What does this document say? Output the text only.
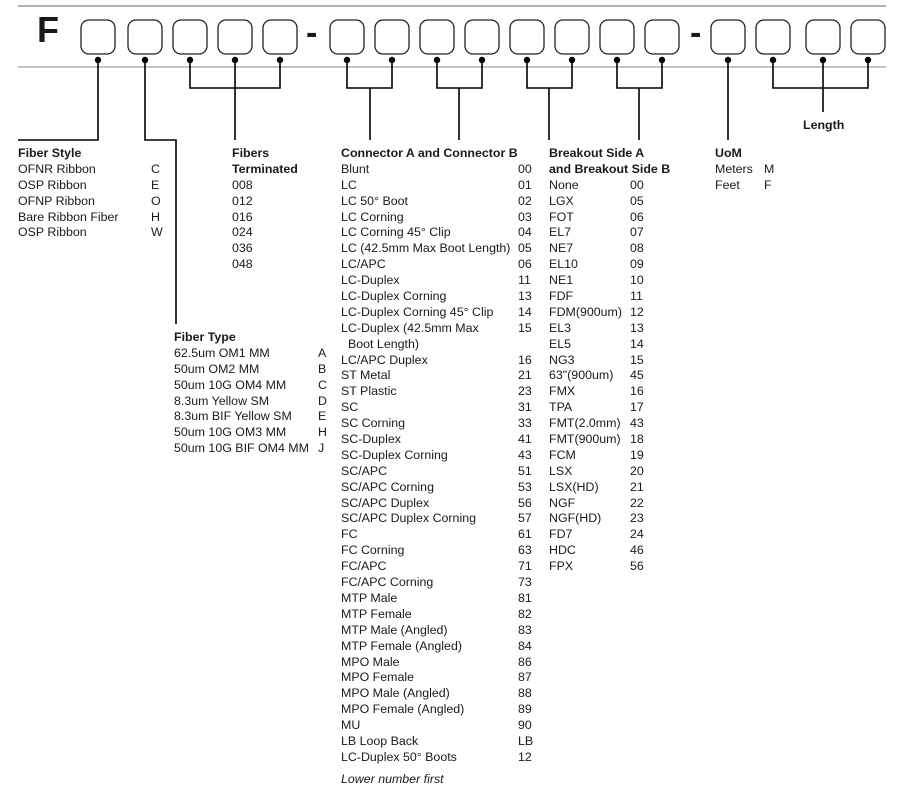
F	-	-
Fiber Style
OFNR Ribbon	C
OSP Ribbon	E
OFNP Ribbon	O
Bare Ribbon Fiber	H
OSP Ribbon	W
Fibers
Terminated
008
012
016
024
036
048
Fiber Type
62.5um OM1 MM	A
50um OM2 MM	B
50um 10G OM4 MM	C
8.3um Yellow SM	D
8.3um BIF Yellow SM E
50um 10G OM3 MM	H
50um 10G BIF OM4 MM J
Connector A and Connector B
Blunt	00
LC	01
LC 50° Boot	02
LC Corning	03
LC Corning 45° Clip	04
LC (42.5mm Max Boot Length) 05
LC/APC	06
LC-Duplex	11
LC-Duplex Corning	13
LC-Duplex Corning 45° Clip 14
LC-Duplex (42.5mm Max	15
Boot Length)
LC/APC Duplex	16
ST Metal	21
ST Plastic	23
SC	31
SC Corning	33
SC-Duplex	41
SC-Duplex Corning	43
SC/APC	51
SC/APC Corning	53
SC/APC Duplex	56
SC/APC Duplex Corning	57
FC	61
FC Corning	63
FC/APC	71
FC/APC Corning	73
MTP Male	81
MTP Female	82
MTP Male (Angled)	83
MTP Female (Angled)	84
MPO Male	86
MPO Female	87
MPO Male (Angled)	88
MPO Female (Angled)	89
MU	90
LB Loop Back	LB
LC-Duplex 50° Boots	12
Lower number first
Breakout Side A
and Breakout Side B
None	00
LGX	05
FOT	06
EL7	07
NE7	08
EL10	09
NE1	10
FDF	11
FDM(900um) 12
EL3	13
EL5	14
NG3	15
63"(900um) 45
FMX	16
TPA	17
FMT(2.0mm) 43
FMT(900um) 18
FCM	19
LSX	20
LSX(HD)	21
NGF	22
NGF(HD) 23
FD7	24
HDC	46
FPX	56
UoM
Meters M
Feet F
Length
